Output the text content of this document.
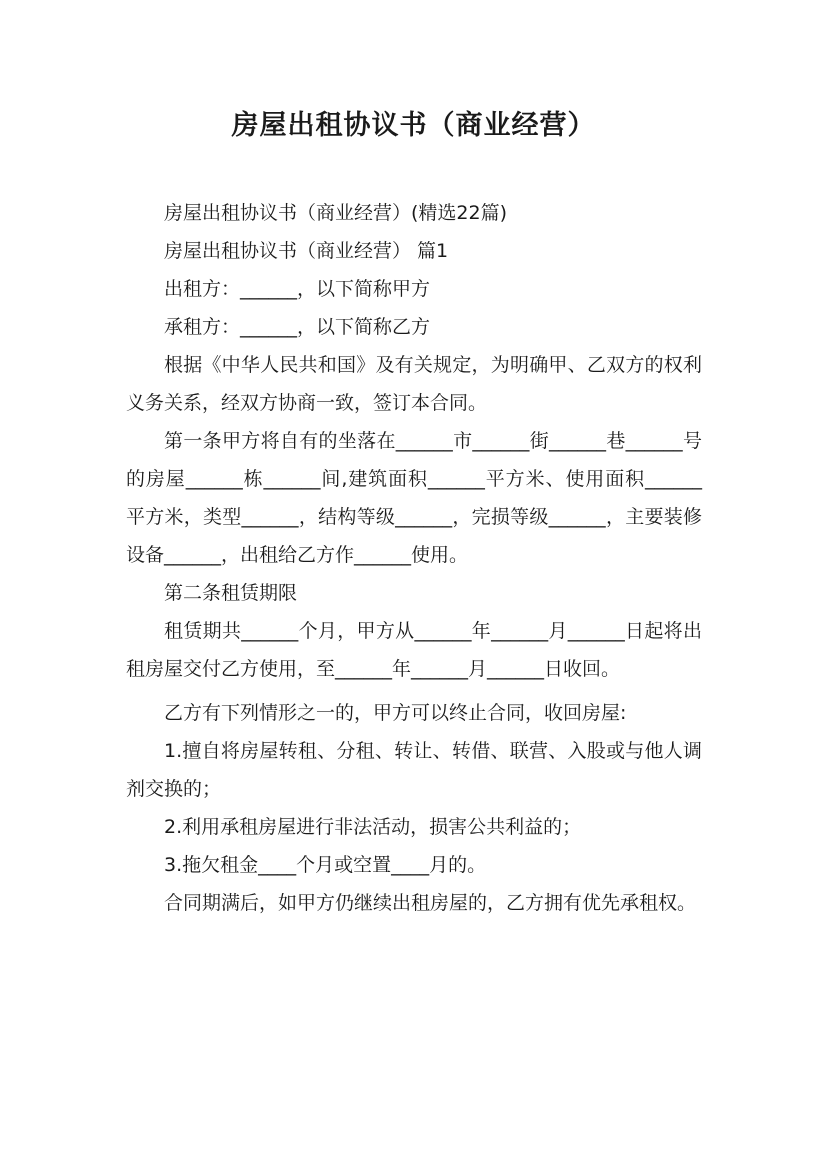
房屋出租协议书（商业经营）

房屋出租协议书（商业经营）(精选22篇)

房屋出租协议书（商业经营） 篇1

出租方：______，以下简称甲方

承租方：______，以下简称乙方

根据《中华人民共和国》及有关规定，为明确甲、乙双方的权利义务关系，经双方协商一致，签订本合同。

第一条甲方将自有的坐落在______市______街______巷______号的房屋______栋______间,建筑面积______平方米、使用面积______平方米，类型______，结构等级______，完损等级______，主要装修设备______，出租给乙方作______使用。

第二条租赁期限

租赁期共______个月，甲方从______年______月______日起将出租房屋交付乙方使用，至______年______月______日收回。

乙方有下列情形之一的，甲方可以终止合同，收回房屋:

1.擅自将房屋转租、分租、转让、转借、联营、入股或与他人调剂交换的；

2.利用承租房屋进行非法活动，损害公共利益的；

3.拖欠租金____个月或空置____月的。

合同期满后，如甲方仍继续出租房屋的，乙方拥有优先承租权。
